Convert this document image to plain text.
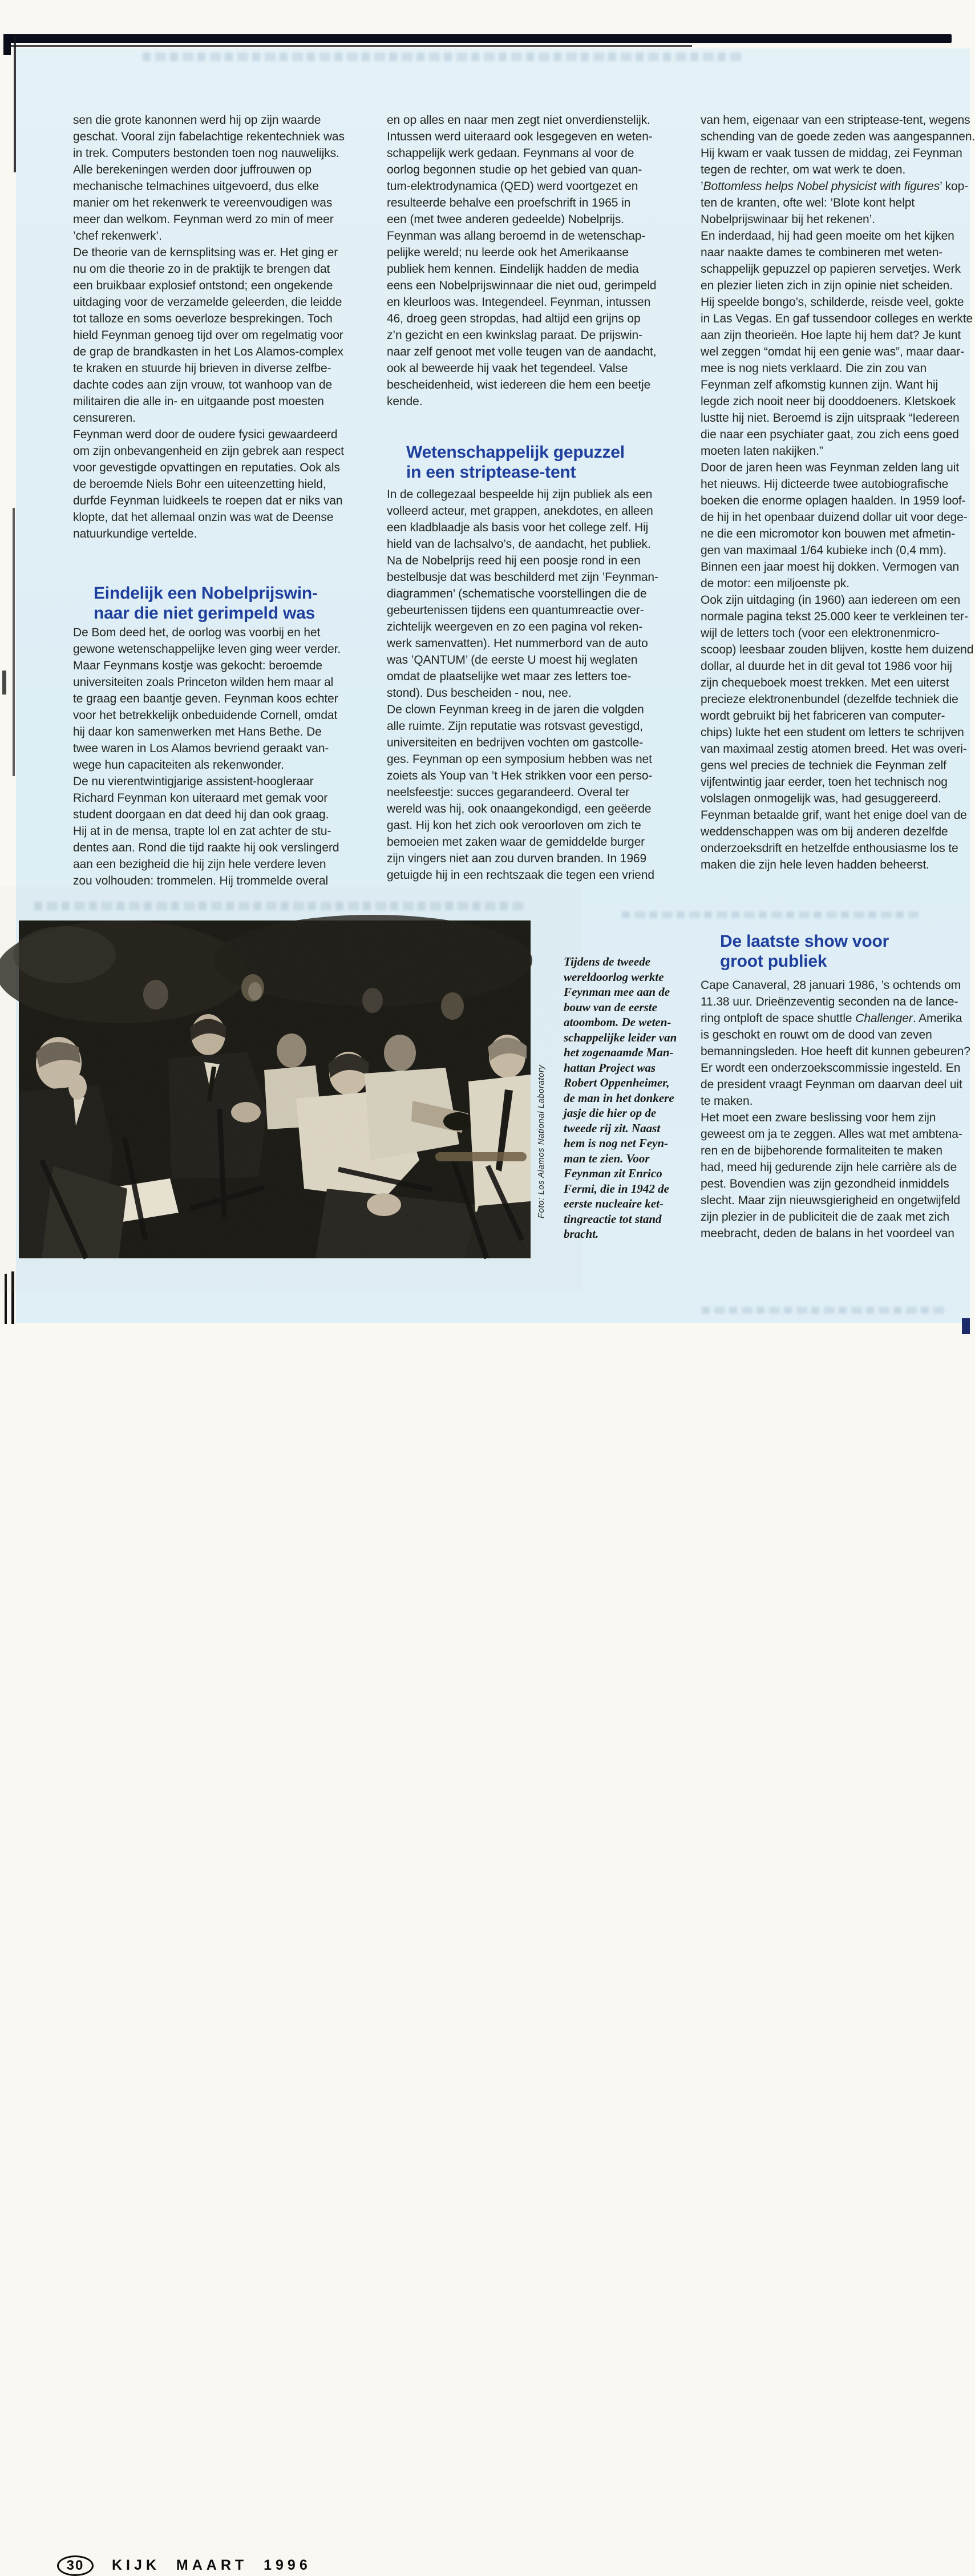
sen die grote kanonnen werd hij op zijn waarde
geschat. Vooral zijn fabelachtige rekentechniek was
in trek. Computers bestonden toen nog nauwelijks.
Alle berekeningen werden door juffrouwen op
mechanische telmachines uitgevoerd, dus elke
manier om het rekenwerk te vereenvoudigen was
meer dan welkom. Feynman werd zo min of meer
’chef rekenwerk’.
De theorie van de kernsplitsing was er. Het ging er
nu om die theorie zo in de praktijk te brengen dat
een bruikbaar explosief ontstond; een ongekende
uitdaging voor de verzamelde geleerden, die leidde
tot talloze en soms oeverloze besprekingen. Toch
hield Feynman genoeg tijd over om regelmatig voor
de grap de brandkasten in het Los Alamos-complex
te kraken en stuurde hij brieven in diverse zelfbe-
dachte codes aan zijn vrouw, tot wanhoop van de
militairen die alle in- en uitgaande post moesten
censureren.
Feynman werd door de oudere fysici gewaardeerd
om zijn onbevangenheid en zijn gebrek aan respect
voor gevestigde opvattingen en reputaties. Ook als
de beroemde Niels Bohr een uiteenzetting hield,
durfde Feynman luidkeels te roepen dat er niks van
klopte, dat het allemaal onzin was wat de Deense
natuurkundige vertelde.
Eindelijk een Nobelprijswin-
naar die niet gerimpeld was
De Bom deed het, de oorlog was voorbij en het
gewone wetenschappelijke leven ging weer verder.
Maar Feynmans kostje was gekocht: beroemde
universiteiten zoals Princeton wilden hem maar al
te graag een baantje geven. Feynman koos echter
voor het betrekkelijk onbeduidende Cornell, omdat
hij daar kon samenwerken met Hans Bethe. De
twee waren in Los Alamos bevriend geraakt van-
wege hun capaciteiten als rekenwonder.
De nu vierentwintigjarige assistent-hoogleraar
Richard Feynman kon uiteraard met gemak voor
student doorgaan en dat deed hij dan ook graag.
Hij at in de mensa, trapte lol en zat achter de stu-
dentes aan. Rond die tijd raakte hij ook verslingerd
aan een bezigheid die hij zijn hele verdere leven
zou volhouden: trommelen. Hij trommelde overal
en op alles en naar men zegt niet onverdienstelijk.
Intussen werd uiteraard ook lesgegeven en weten-
schappelijk werk gedaan. Feynmans al voor de
oorlog begonnen studie op het gebied van quan-
tum-elektrodynamica (QED) werd voortgezet en
resulteerde behalve een proefschrift in 1965 in
een (met twee anderen gedeelde) Nobelprijs.
Feynman was allang beroemd in de wetenschap-
pelijke wereld; nu leerde ook het Amerikaanse
publiek hem kennen. Eindelijk hadden de media
eens een Nobelprijswinnaar die niet oud, gerimpeld
en kleurloos was. Integendeel. Feynman, intussen
46, droeg geen stropdas, had altijd een grijns op
z’n gezicht en een kwinkslag paraat. De prijswin-
naar zelf genoot met volle teugen van de aandacht,
ook al beweerde hij vaak het tegendeel. Valse
bescheidenheid, wist iedereen die hem een beetje
kende.
Wetenschappelijk gepuzzel
in een striptease-tent
In de collegezaal bespeelde hij zijn publiek als een
volleerd acteur, met grappen, anekdotes, en alleen
een kladblaadje als basis voor het college zelf. Hij
hield van de lachsalvo’s, de aandacht, het publiek.
Na de Nobelprijs reed hij een poosje rond in een
bestelbusje dat was beschilderd met zijn ’Feynman-
diagrammen’ (schematische voorstellingen die de
gebeurtenissen tijdens een quantumreactie over-
zichtelijk weergeven en zo een pagina vol reken-
werk samenvatten). Het nummerbord van de auto
was ’QANTUM’ (de eerste U moest hij weglaten
omdat de plaatselijke wet maar zes letters toe-
stond). Dus bescheiden - nou, nee.
De clown Feynman kreeg in de jaren die volgden
alle ruimte. Zijn reputatie was rotsvast gevestigd,
universiteiten en bedrijven vochten om gastcolle-
ges. Feynman op een symposium hebben was net
zoiets als Youp van ’t Hek strikken voor een perso-
neelsfeestje: succes gegarandeerd. Overal ter
wereld was hij, ook onaangekondigd, een geëerde
gast. Hij kon het zich ook veroorloven om zich te
bemoeien met zaken waar de gemiddelde burger
zijn vingers niet aan zou durven branden. In 1969
getuigde hij in een rechtszaak die tegen een vriend
van hem, eigenaar van een striptease-tent, wegens
schending van de goede zeden was aangespannen.
Hij kwam er vaak tussen de middag, zei Feynman
tegen de rechter, om wat werk te doen.
’Bottomless helps Nobel physicist with figures’ kop-
ten de kranten, ofte wel: ’Blote kont helpt
Nobelprijswinaar bij het rekenen’.
En inderdaad, hij had geen moeite om het kijken
naar naakte dames te combineren met weten-
schappelijk gepuzzel op papieren servetjes. Werk
en plezier lieten zich in zijn opinie niet scheiden.
Hij speelde bongo’s, schilderde, reisde veel, gokte
in Las Vegas. En gaf tussendoor colleges en werkte
aan zijn theorieën. Hoe lapte hij hem dat? Je kunt
wel zeggen “omdat hij een genie was”, maar daar-
mee is nog niets verklaard. Die zin zou van
Feynman zelf afkomstig kunnen zijn. Want hij
legde zich nooit neer bij dooddoeners. Kletskoek
lustte hij niet. Beroemd is zijn uitspraak “Iedereen
die naar een psychiater gaat, zou zich eens goed
moeten laten nakijken.”
Door de jaren heen was Feynman zelden lang uit
het nieuws. Hij dicteerde twee autobiografische
boeken die enorme oplagen haalden. In 1959 loof-
de hij in het openbaar duizend dollar uit voor dege-
ne die een micromotor kon bouwen met afmetin-
gen van maximaal 1/64 kubieke inch (0,4 mm).
Binnen een jaar moest hij dokken. Vermogen van
de motor: een miljoenste pk.
Ook zijn uitdaging (in 1960) aan iedereen om een
normale pagina tekst 25.000 keer te verkleinen ter-
wijl de letters toch (voor een elektronenmicro-
scoop) leesbaar zouden blijven, kostte hem duizend
dollar, al duurde het in dit geval tot 1986 voor hij
zijn chequeboek moest trekken. Met een uiterst
precieze elektronenbundel (dezelfde techniek die
wordt gebruikt bij het fabriceren van computer-
chips) lukte het een student om letters te schrijven
van maximaal zestig atomen breed. Het was overi-
gens wel precies de techniek die Feynman zelf
vijfentwintig jaar eerder, toen het technisch nog
volslagen onmogelijk was, had gesuggereerd.
Feynman betaalde grif, want het enige doel van de
weddenschappen was om bij anderen dezelfde
onderzoeksdrift en hetzelfde enthousiasme los te
maken die zijn hele leven hadden beheerst.
De laatste show voor
groot publiek
Cape Canaveral, 28 januari 1986, ’s ochtends om
11.38 uur. Drieënzeventig seconden na de lance-
ring ontploft de space shuttle Challenger. Amerika
is geschokt en rouwt om de dood van zeven
bemanningsleden. Hoe heeft dit kunnen gebeuren?
Er wordt een onderzoekscommissie ingesteld. En
de president vraagt Feynman om daarvan deel uit
te maken.
Het moet een zware beslissing voor hem zijn
geweest om ja te zeggen. Alles wat met ambtena-
ren en de bijbehorende formaliteiten te maken
had, meed hij gedurende zijn hele carrière als de
pest. Bovendien was zijn gezondheid inmiddels
slecht. Maar zijn nieuwsgierigheid en ongetwijfeld
zijn plezier in de publiciteit die de zaak met zich
meebracht, deden de balans in het voordeel van
Tijdens de tweede
wereldoorlog werkte
Feynman mee aan de
bouw van de eerste
atoombom. De weten-
schappelijke leider van
het zogenaamde Man-
hattan Project was
Robert Oppenheimer,
de man in het donkere
jasje die hier op de
tweede rij zit. Naast
hem is nog net Feyn-
man te zien. Voor
Feynman zit Enrico
Fermi, die in 1942 de
eerste nucleaire ket-
tingreactie tot stand
bracht.
Foto: Los Alamos National Laboratory
30	KIJK MAART 1996
